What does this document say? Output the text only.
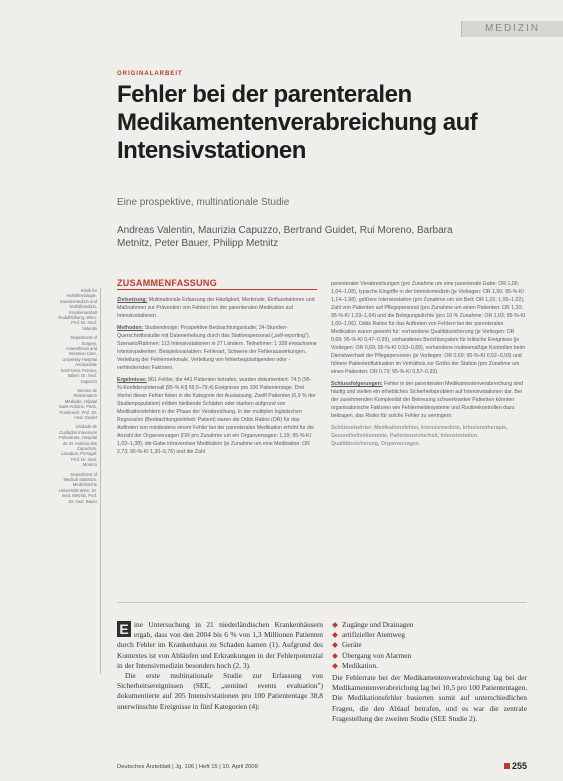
MEDIZIN
ORIGINALARBEIT
Fehler bei der parenteralen Medikamentenverabreichung auf Intensivstationen
Eine prospektive, multinationale Studie
Andreas Valentin, Maurizia Capuzzo, Bertrand Guidet, Rui Moreno, Barbara Metnitz, Peter Bauer, Philipp Metnitz

Klinik für Anästhesiologie, Intensivmedizin und Notfallmedizin, Krankenanstalt Rudolfstiftung, Wien: Prof. Dr. med. Valentin

Department of Surgery, Anaesthesia and Intensive Care, University Hospital Arcispedale Sant'Anna, Ferrara, Italien: Dr. med. Capuzzo

Service de Réanimation Médicale, Hôpital Saint-Antoine, Paris, Frankreich: Prof. Dr. med. Guidet

Unidade de Cuidados Intensivos Polivalente, Hospital de St. António dos Capuchos, Lissabon, Portugal: Prof. Dr. med. Moreno

Department of Medical Statistics, Medizinische Universität Wien: Dr. med. Metnitz, Prof. Dr. med. Bauer

ZUSAMMENFASSUNG

Zielsetzung: Multinationale Erfassung der Häufigkeit, Merkmale, Einflussfaktoren und Maßnahmen zur Prävention von Fehlern bei der parenteralen Medikation auf Intensivstationen.

Methoden: Studiendesign: Prospektive Beobachtungsstudie; 24-Stunden-Querschnittsstudie mit Datenerhebung durch das Stationspersonal („self-reporting"). Szenario/Rahmen: 113 Intensivstationen in 27 Ländern. Teilnehmer: 1 328 erwachsene Intensivpatienten. Beispielsvariablen: Fehlerart, Schwere der Fehlerauswirkungen, Verteilung der Fehlermerkmale, Verteilung von fehlerbegünstigenden oder -verhindernden Faktoren.

Ergebnisse: 861 Fehler, die 441 Patienten betrafen, wurden dokumentiert: 74,5 (95-%-Konfidenzintervall [95-%-KI] 69,5–79,4) Ereignisse pro 100 Patiententage. Drei Viertel dieser Fehler fielen in die Kategorie der Auslassung. Zwölf Patienten (0,9 % der Studienpopulation) erlitten bleibende Schäden oder starben aufgrund von Medikationsfehlern in der Phase der Verabreichung. In der multiplen logistischen Regression (Beobachtungseinheit: Patient) waren die Odds Ratios (OR) für das Auftreten von mindestens einem Fehler bei der parenteralen Medikation erhöht für die Anzahl der Organversagen (OR pro Zunahme um ein Organversagen: 1,19; 95-%-KI 1,03–1,38), die Gabe intravenöser Medikation (je Zunahme um eine Medikation: OR 2,73; 95-%-KI 1,30–5,76) und die Zahl

parenteraler Verabreichungen (pro Zunahme um eine parenterale Gabe: OR 1,06; 1,04–1,08), typische Eingriffe in der Intensivmedizin (je Vorliegen: OR 1,50; 95-%-KI 1,14–1,98), größere Intensivstation (pro Zunahme um ein Bett: OR 1,01; 1,00–1,02), Zahl von Patienten auf Pflegepersonal (pro Zunahme um einen Patienten: OR 1,30; 95-%-KI 1,03–1,64) und die Belegungsdichte (pro 10 % Zunahme: OR 1,03; 95-%-KI 1,00–1,06). Odds Ratios für das Auftreten von Fehlern bei der parenteralen Medikation waren gesenkt für: vorhandene Qualitätssicherung (je Vorliegen: OR 0,69; 95-%-KI 0,47–0,99), vorhandenes Berichtssystem für kritische Ereignisse (je Vorliegen: OR 0,69; 95-%-KI 0,53–0,89), vorhandene routinemäßige Kontrollen beim Dienstwechsel der Pflegepersonen (je Vorliegen: OR 0,69; 95-%-KI 0,52–0,93) und höhere Patientenfluktuation im Verhältnis zur Größe der Station (pro Zunahme um einen Patienten: OR 0,73; 95-%-KI 0,57–0,93).

Schlussfolgerungen: Fehler in der parenteralen Medikamentenverabreichung sind häufig und stellen ein erhebliches Sicherheitsproblem auf Intensivstationen dar. Bei der zunehmenden Komplexität der Betreuung schwerkranker Patienten könnten organisatorische Faktoren wie Fehlermeldesysteme und Routinekontrollen dazu beitragen, das Risiko für solche Fehler zu verringern.

Schlüsselwörter: Medikationsfehler, Intensivmedizin, Infusionstherapie, Gesundheitsökonomie, Patientensicherheit, Intensivstation, Qualitätssicherung, Organversagen

E ine Untersuchung in 21 niederländischen Krankenhäusern ergab, dass von den 2004 bis 6 % von 1,3 Millionen Patienten durch Fehler im Krankenhaus zu Schaden kamen (1). Aufgrund des Kontextes ist von Abläufen und Erkrankungen in der Fehlerpotenzial in der Intensivmedizin besonders hoch (2, 3).

Die erste multinationale Studie zur Erfassung von Sicherheitsereignissen (SEE, „sentinel events evaluation") dokumentierte auf 205 Intensivstationen pro 100 Patiententage 38,8 unerwünschte Ereignisse in fünf Kategorien (4):

Zugänge und Drainagen
artifizieller Atemweg
Geräte
Übergang von Alarmen
Medikation.

Die Fehlerrate bei der Medikamentenverabreichung lag bei der Medikamentenverabreichung lag bei 10,5 pro 100 Patiententagen. Die Medikationsfehler basierten somit auf unterschiedlichen Fragen, die den Ablauf betrafen, und es war die zentrale Fragestellung der zweiten Studie (SEE Studie 2).

Deutsches Ärzteblatt | Jg. 106 | Heft 15 | 10. April 2009	255
